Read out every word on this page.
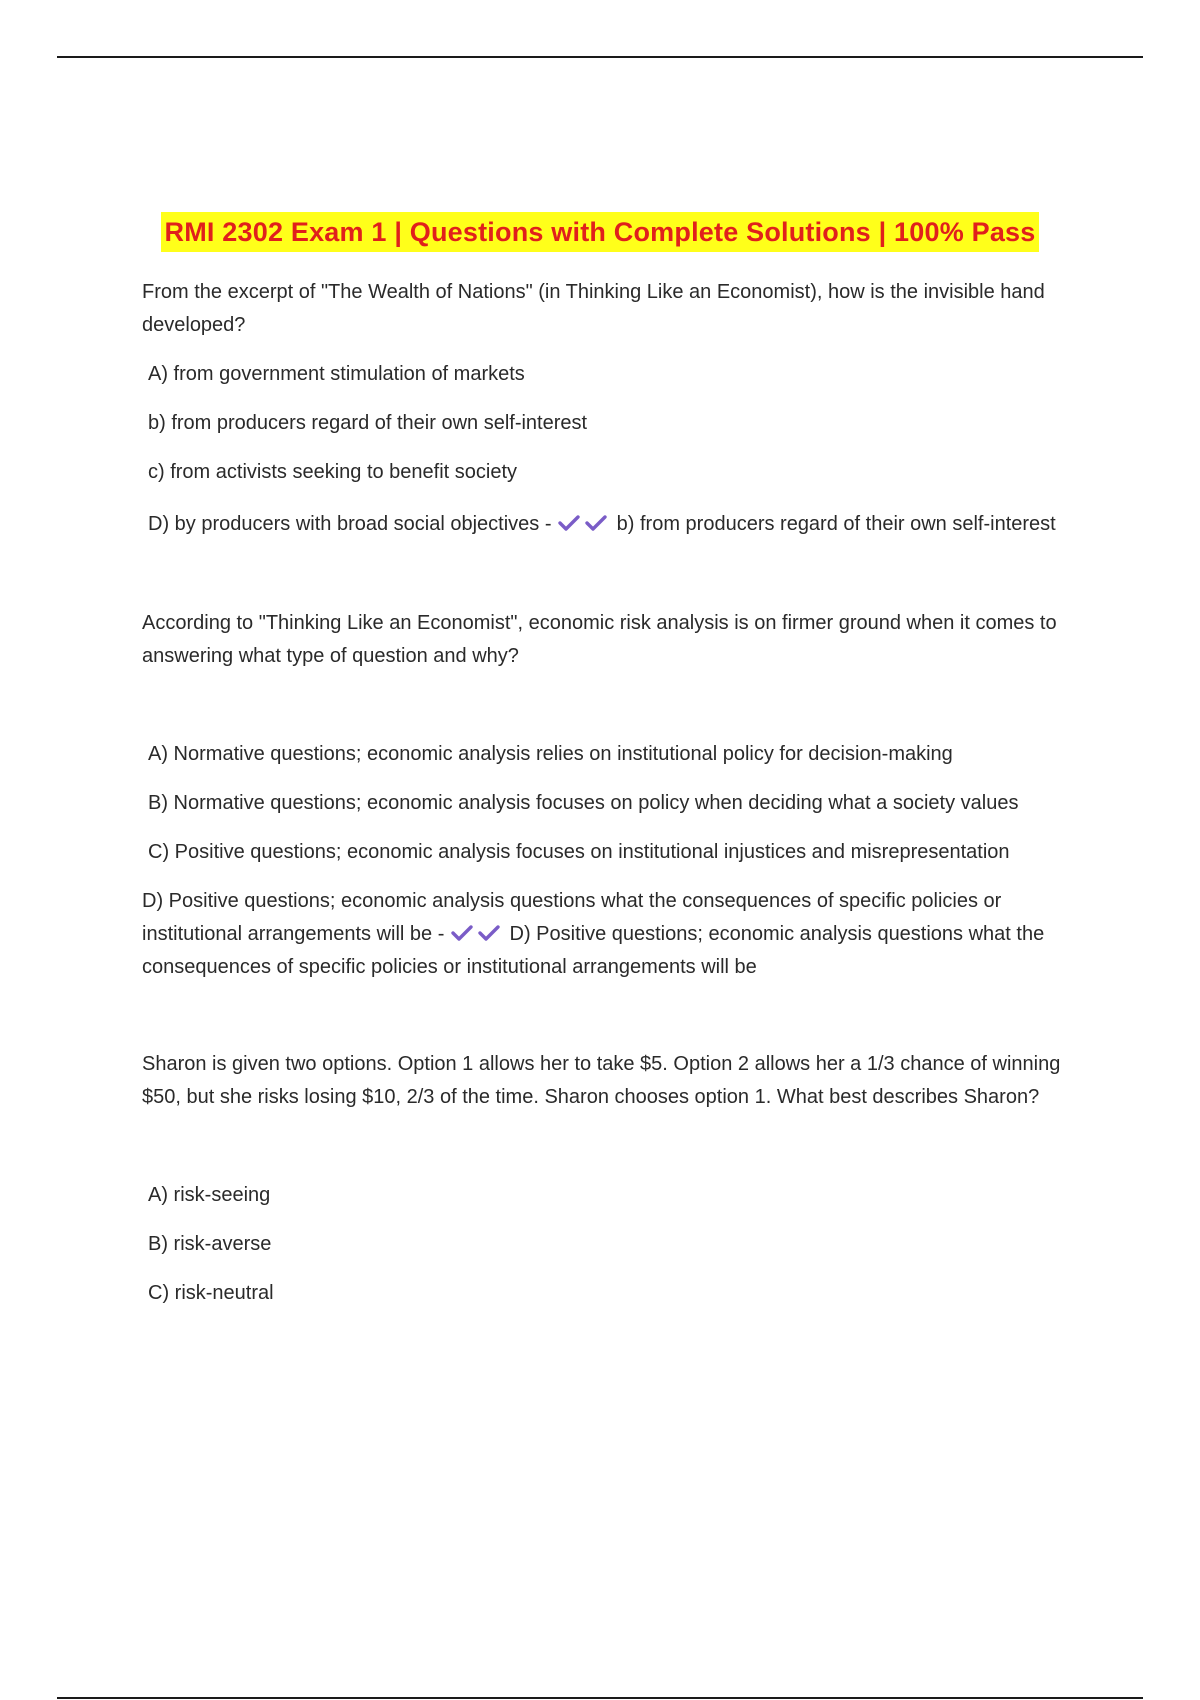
RMI 2302 Exam 1 | Questions with Complete Solutions | 100% Pass

From the excerpt of "The Wealth of Nations" (in Thinking Like an Economist), how is the invisible hand developed?

A) from government stimulation of markets

b) from producers regard of their own self-interest

c) from activists seeking to benefit society

D) by producers with broad social objectives -	b) from producers regard of their own self-interest

According to "Thinking Like an Economist", economic risk analysis is on firmer ground when it comes to answering what type of question and why?

A) Normative questions; economic analysis relies on institutional policy for decision-making

B) Normative questions; economic analysis focuses on policy when deciding what a society values

C) Positive questions; economic analysis focuses on institutional injustices and misrepresentation

D) Positive questions; economic analysis questions what the consequences of specific policies or institutional arrangements will be -	D) Positive questions; economic analysis questions what the consequences of specific policies or institutional arrangements will be

Sharon is given two options. Option 1 allows her to take $5. Option 2 allows her a 1/3 chance of winning $50, but she risks losing $10, 2/3 of the time. Sharon chooses option 1. What best describes Sharon?

A) risk-seeing

B) risk-averse

C) risk-neutral
